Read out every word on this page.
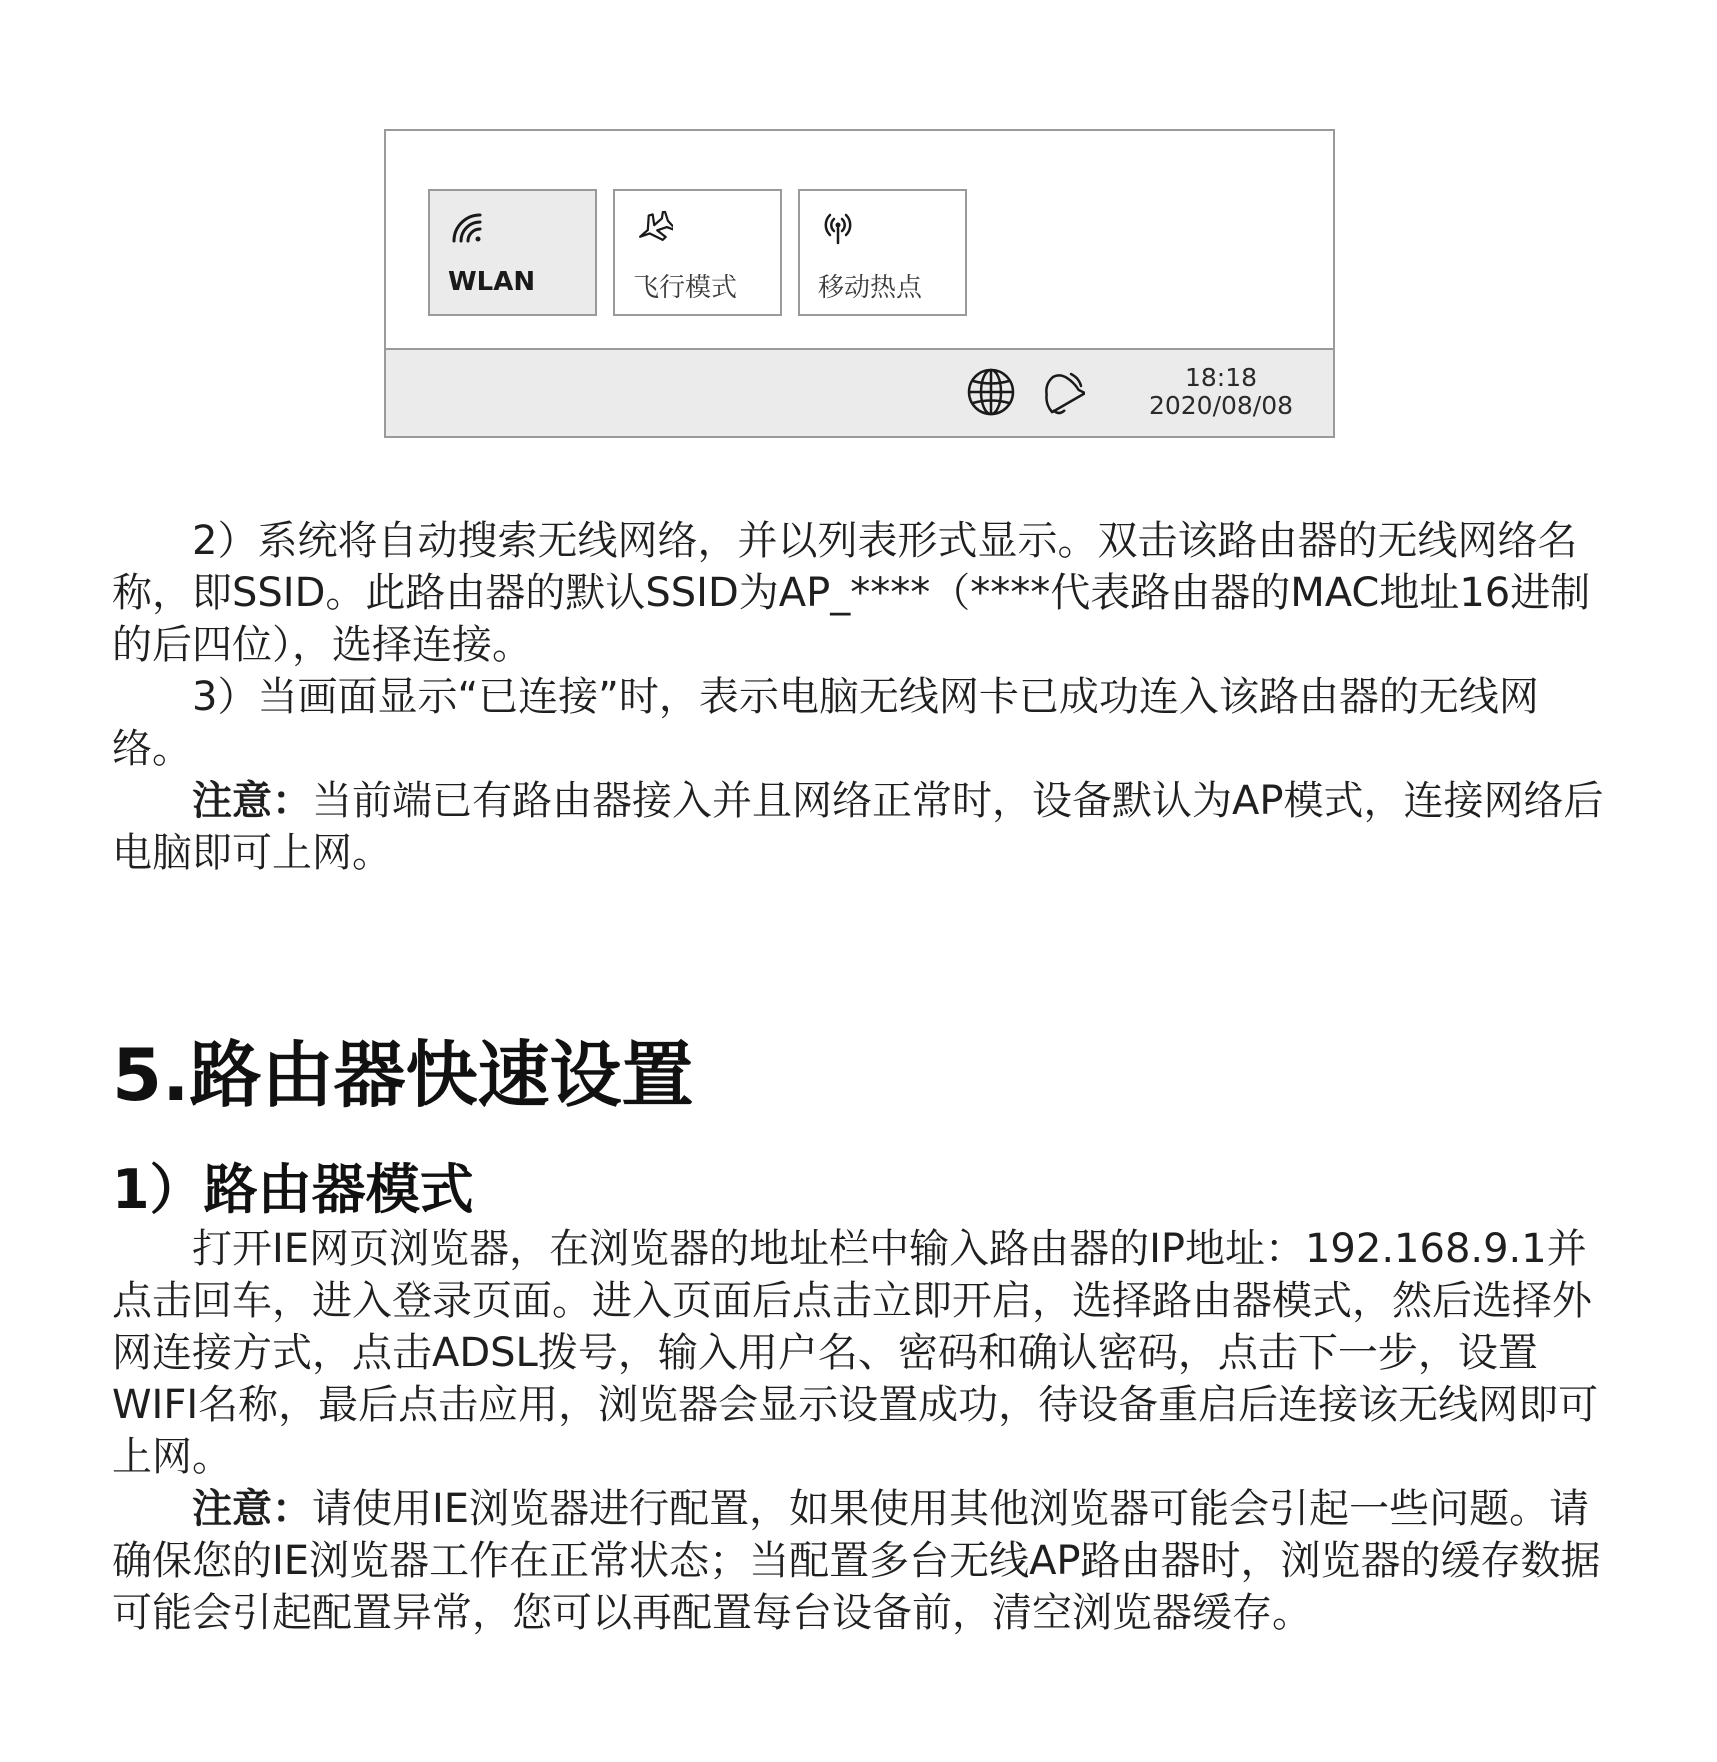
WLAN	飞行模式	移动热点
18:18
2020/08/08

2）系统将自动搜索无线网络，并以列表形式显示。双击该路由器的无线网络名称，即SSID。此路由器的默认SSID为AP_****（****代表路由器的MAC地址16进制的后四位），选择连接。

3）当画面显示“已连接”时，表示电脑无线网卡已成功连入该路由器的无线网络。

注意：当前端已有路由器接入并且网络正常时，设备默认为AP模式，连接网络后电脑即可上网。

5.路由器快速设置
1）路由器模式

打开IE网页浏览器，在浏览器的地址栏中输入路由器的IP地址：192.168.9.1并点击回车，进入登录页面。进入页面后点击立即开启，选择路由器模式，然后选择外网连接方式，点击ADSL拨号，输入用户名、密码和确认密码，点击下一步，设置WIFI名称，最后点击应用，浏览器会显示设置成功，待设备重启后连接该无线网即可上网。

注意：请使用IE浏览器进行配置，如果使用其他浏览器可能会引起一些问题。请确保您的IE浏览器工作在正常状态；当配置多台无线AP路由器时，浏览器的缓存数据可能会引起配置异常，您可以再配置每台设备前，清空浏览器缓存。
